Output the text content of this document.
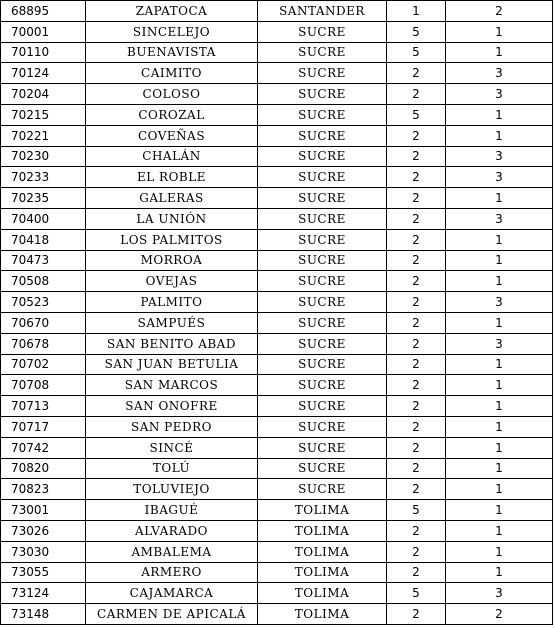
68895	ZAPATOCA	SANTANDER	1	2
70001	SINCELEJO	SUCRE	5	1
70110	BUENAVISTA	SUCRE	5	1
70124	CAIMITO	SUCRE	2	3
70204	COLOSO	SUCRE	2	3
70215	COROZAL	SUCRE	5	1
70221	COVEÑAS	SUCRE	2	1
70230	CHALÁN	SUCRE	2	3
70233	EL ROBLE	SUCRE	2	3
70235	GALERAS	SUCRE	2	1
70400	LA UNIÓN	SUCRE	2	3
70418	LOS PALMITOS	SUCRE	2	1
70473	MORROA	SUCRE	2	1
70508	OVEJAS	SUCRE	2	1
70523	PALMITO	SUCRE	2	3
70670	SAMPUÉS	SUCRE	2	1
70678	SAN BENITO ABAD	SUCRE	2	3
70702	SAN JUAN BETULIA	SUCRE	2	1
70708	SAN MARCOS	SUCRE	2	1
70713	SAN ONOFRE	SUCRE	2	1
70717	SAN PEDRO	SUCRE	2	1
70742	SINCÉ	SUCRE	2	1
70820	TOLÚ	SUCRE	2	1
70823	TOLUVIEJO	SUCRE	2	1
73001	IBAGUÉ	TOLIMA	5	1
73026	ALVARADO	TOLIMA	2	1
73030	AMBALEMA	TOLIMA	2	1
73055	ARMERO	TOLIMA	2	1
73124	CAJAMARCA	TOLIMA	5	3
73148	CARMEN DE APICALÁ	TOLIMA	2	2
